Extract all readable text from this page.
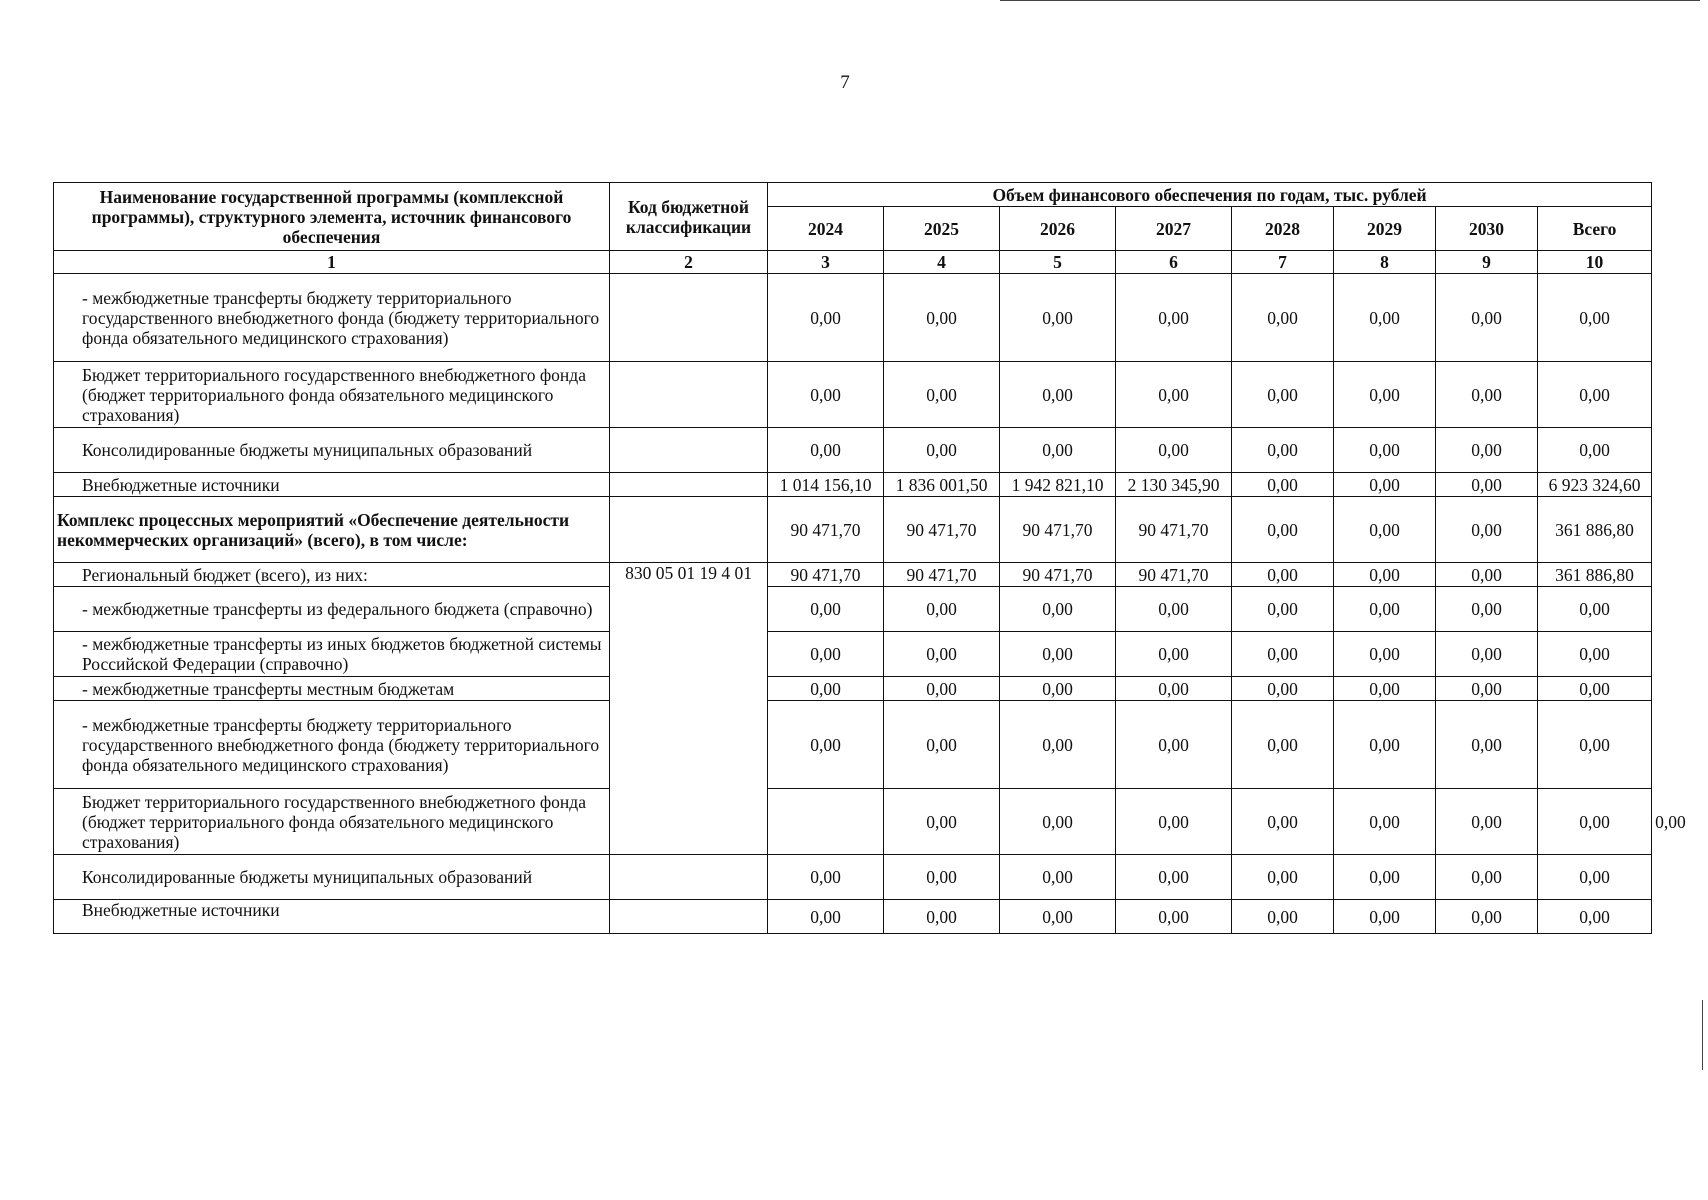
7
Наименование государственной программы (комплексной программы), структурного элемента, источник финансового обеспечения	Код бюджетной классификации	Объем финансового обеспечения по годам, тыс. рублей								
		2024	2025	2026	2027	2028	2029	2030	Всего	
1	2	3	4	5	6	7	8	9	10	
- межбюджетные трансферты бюджету территориального государственного внебюджетного фонда (бюджету территориального фонда обязательного медицинского страхования)		0,00	0,00	0,00	0,00	0,00	0,00	0,00	0,00	
Бюджет территориального государственного внебюджетного фонда (бюджет территориального фонда обязательного медицинского страхования)		0,00	0,00	0,00	0,00	0,00	0,00	0,00	0,00	
Консолидированные бюджеты муниципальных образований		0,00	0,00	0,00	0,00	0,00	0,00	0,00	0,00	
Внебюджетные источники		1 014 156,10	1 836 001,50	1 942 821,10	2 130 345,90	0,00	0,00	0,00	6 923 324,60	
Комплекс процессных мероприятий «Обеспечение деятельности некоммерческих организаций» (всего), в том числе:		90 471,70	90 471,70	90 471,70	90 471,70	0,00	0,00	0,00	361 886,80	
Региональный бюджет (всего), из них:	830 05 01 19 4 01	90 471,70	90 471,70	90 471,70	90 471,70	0,00	0,00	0,00	361 886,80	
- межбюджетные трансферты из федерального бюджета (справочно)		0,00	0,00	0,00	0,00	0,00	0,00	0,00	0,00	
- межбюджетные трансферты из иных бюджетов бюджетной системы Российской Федерации (справочно)		0,00	0,00	0,00	0,00	0,00	0,00	0,00	0,00	
- межбюджетные трансферты местным бюджетам		0,00	0,00	0,00	0,00	0,00	0,00	0,00	0,00	
- межбюджетные трансферты бюджету территориального государственного внебюджетного фонда (бюджету территориального фонда обязательного медицинского страхования)		0,00	0,00	0,00	0,00	0,00	0,00	0,00	0,00	
Бюджет территориального государственного внебюджетного фонда (бюджет территориального фонда обязательного медицинского страхования)			0,00	0,00	0,00	0,00	0,00	0,00	0,00	0,00
Консолидированные бюджеты муниципальных образований		0,00	0,00	0,00	0,00	0,00	0,00	0,00	0,00	
Внебюджетные источники		0,00	0,00	0,00	0,00	0,00	0,00	0,00	0,00	
